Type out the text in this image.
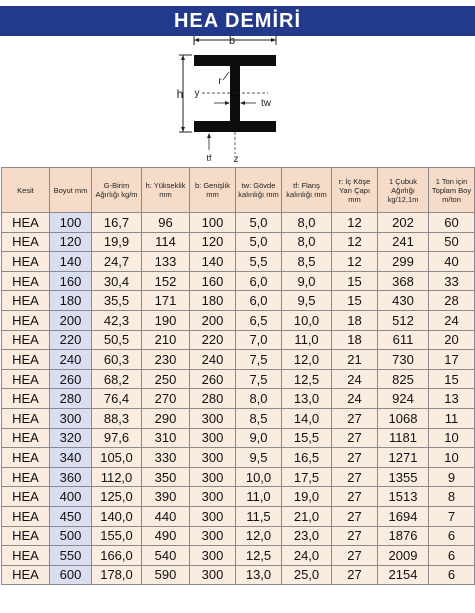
HEA DEMİRİ
b
h y
r
tw
z
tf
Kesit	Boyut mm	G-Birim Ağırlığı kg/m	h: Yükseklik mm	b: Genişlik mm	tw: Gövde kalınlığı mm	tf: Flanş kalınlığı mm	r: İç Köşe Yarı Çapı mm	1 Çubuk Ağırlığı kg/12,1m	1 Ton için Toplam Boy m/ton
HEA	100	16,7	96	100	5,0	8,0	12	202	60
HEA	120	19,9	114	120	5,0	8,0	12	241	50
HEA	140	24,7	133	140	5,5	8,5	12	299	40
HEA	160	30,4	152	160	6,0	9,0	15	368	33
HEA	180	35,5	171	180	6,0	9,5	15	430	28
HEA	200	42,3	190	200	6,5	10,0	18	512	24
HEA	220	50,5	210	220	7,0	11,0	18	611	20
HEA	240	60,3	230	240	7,5	12,0	21	730	17
HEA	260	68,2	250	260	7,5	12,5	24	825	15
HEA	280	76,4	270	280	8,0	13,0	24	924	13
HEA	300	88,3	290	300	8,5	14,0	27	1068	11
HEA	320	97,6	310	300	9,0	15,5	27	1181	10
HEA	340	105,0	330	300	9,5	16,5	27	1271	10
HEA	360	112,0	350	300	10,0	17,5	27	1355	9
HEA	400	125,0	390	300	11,0	19,0	27	1513	8
HEA	450	140,0	440	300	11,5	21,0	27	1694	7
HEA	500	155,0	490	300	12,0	23,0	27	1876	6
HEA	550	166,0	540	300	12,5	24,0	27	2009	6
HEA	600	178,0	590	300	13,0	25,0	27	2154	6
